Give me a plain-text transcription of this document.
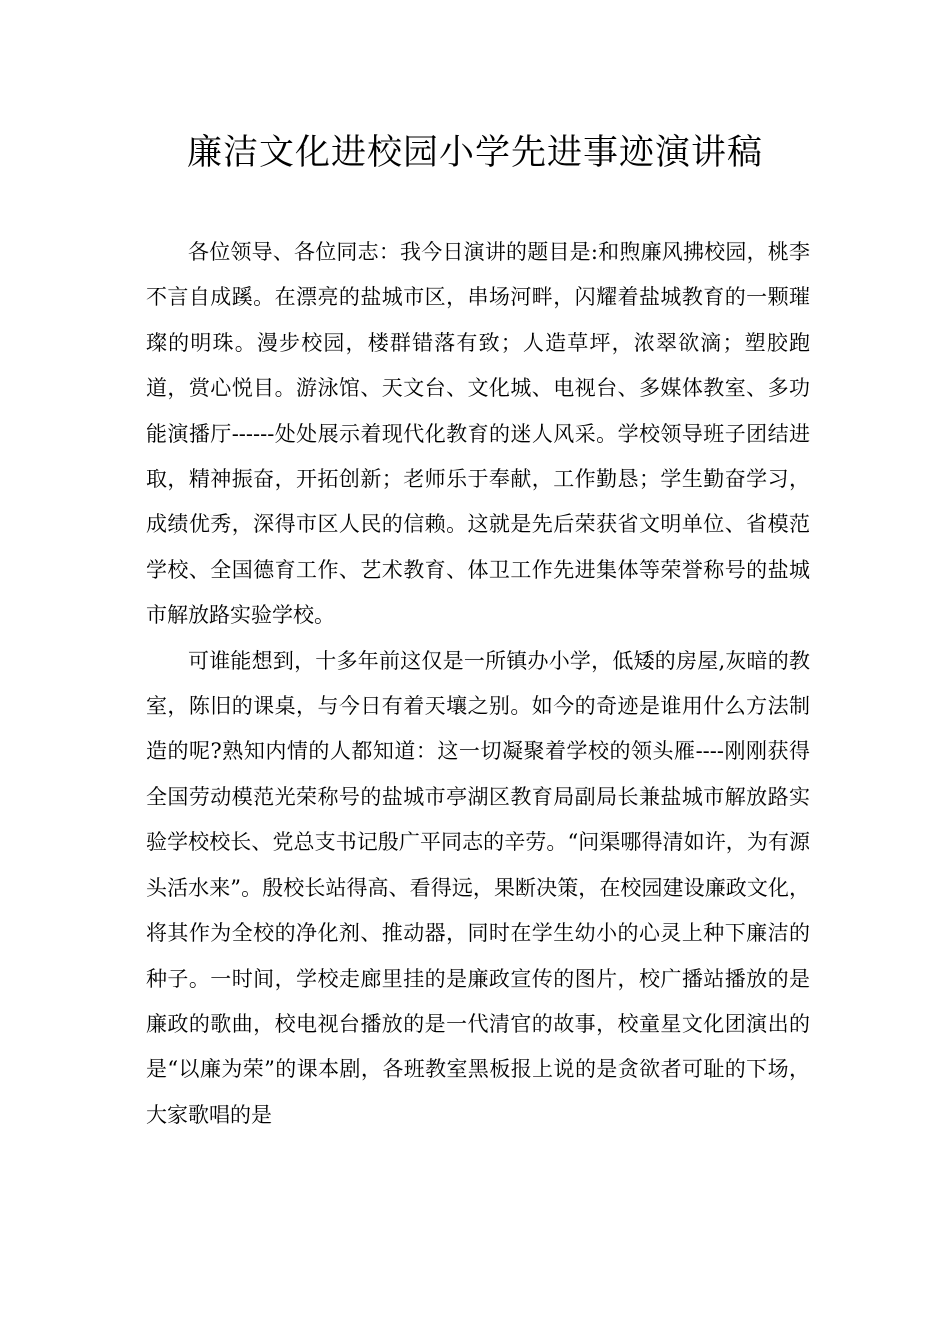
廉洁文化进校园小学先进事迹演讲稿

各位领导、各位同志：我今日演讲的题目是:和煦廉风拂校园，桃李不言自成蹊。在漂亮的盐城市区，串场河畔，闪耀着盐城教育的一颗璀璨的明珠。漫步校园，楼群错落有致；人造草坪，浓翠欲滴；塑胶跑道，赏心悦目。游泳馆、天文台、文化城、电视台、多媒体教室、多功能演播厅------处处展示着现代化教育的迷人风采。学校领导班子团结进取，精神振奋，开拓创新；老师乐于奉献，工作勤恳；学生勤奋学习，成绩优秀，深得市区人民的信赖。这就是先后荣获省文明单位、省模范学校、全国德育工作、艺术教育、体卫工作先进集体等荣誉称号的盐城市解放路实验学校。

可谁能想到，十多年前这仅是一所镇办小学，低矮的房屋,灰暗的教室，陈旧的课桌，与今日有着天壤之别。如今的奇迹是谁用什么方法制造的呢?熟知内情的人都知道：这一切凝聚着学校的领头雁----刚刚获得全国劳动模范光荣称号的盐城市亭湖区教育局副局长兼盐城市解放路实验学校校长、党总支书记殷广平同志的辛劳。“问渠哪得清如许，为有源头活水来”。殷校长站得高、看得远，果断决策，在校园建设廉政文化，将其作为全校的净化剂、推动器，同时在学生幼小的心灵上种下廉洁的种子。一时间，学校走廊里挂的是廉政宣传的图片，校广播站播放的是廉政的歌曲，校电视台播放的是一代清官的故事，校童星文化团演出的是“以廉为荣”的课本剧，各班教室黑板报上说的是贪欲者可耻的下场，大家歌唱的是
